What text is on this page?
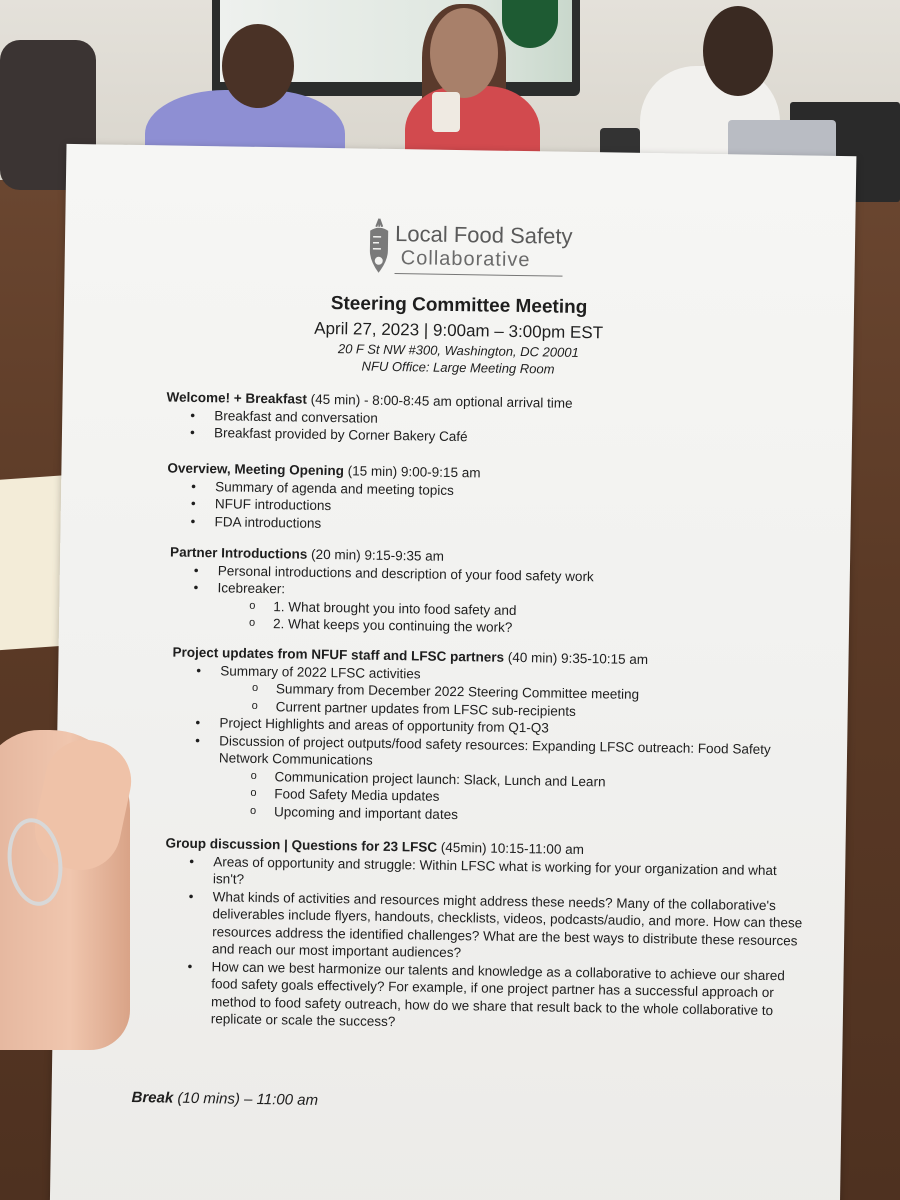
Local Food Safety
Collaborative
Steering Committee Meeting
April 27, 2023 | 9:00am – 3:00pm EST
20 F St NW #300, Washington, DC 20001
NFU Office: Large Meeting Room
Welcome! + Breakfast (45 min) - 8:00-8:45 am optional arrival time
• Breakfast and conversation
• Breakfast provided by Corner Bakery Café
Overview, Meeting Opening (15 min) 9:00-9:15 am
• Summary of agenda and meeting topics
• NFUF introductions
• FDA introductions
Partner Introductions (20 min) 9:15-9:35 am
• Personal introductions and description of your food safety work
• Icebreaker:
o 1. What brought you into food safety and
o 2. What keeps you continuing the work?
Project updates from NFUF staff and LFSC partners (40 min) 9:35-10:15 am
• Summary of 2022 LFSC activities
o Summary from December 2022 Steering Committee meeting
o Current partner updates from LFSC sub-recipients
• Project Highlights and areas of opportunity from Q1-Q3
• Discussion of project outputs/food safety resources: Expanding LFSC outreach: Food Safety Network Communications
o Communication project launch: Slack, Lunch and Learn
o Food Safety Media updates
o Upcoming and important dates
Group discussion | Questions for 23 LFSC (45min) 10:15-11:00 am
• Areas of opportunity and struggle: Within LFSC what is working for your organization and what isn't?
• What kinds of activities and resources might address these needs? Many of the collaborative's deliverables include flyers, handouts, checklists, videos, podcasts/audio, and more. How can these resources address the identified challenges? What are the best ways to distribute these resources and reach our most important audiences?
• How can we best harmonize our talents and knowledge as a collaborative to achieve our shared food safety goals effectively? For example, if one project partner has a successful approach or method to food safety outreach, how do we share that result back to the whole collaborative to replicate or scale the success?
Break (10 mins) – 11:00 am
